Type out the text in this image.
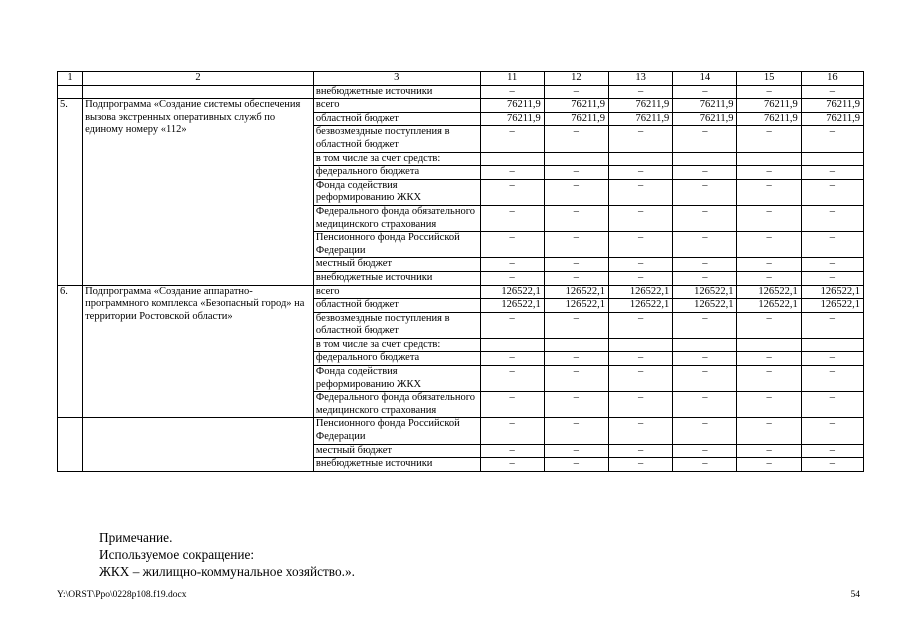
1	2	3	11	12	13	14	15	16
		внебюджетные источники	–	–	–	–	–	–
5.	Подпрограмма «Создание системы обеспечения вызова экстренных оперативных служб по единому номеру «112»	всего	76211,9	76211,9	76211,9	76211,9	76211,9	76211,9
		областной бюджет	76211,9	76211,9	76211,9	76211,9	76211,9	76211,9
		безвозмездные поступления в областной бюджет	–	–	–	–	–	–
		в том числе за счет средств:						
		федерального бюджета	–	–	–	–	–	–
		Фонда содействия реформированию ЖКХ	–	–	–	–	–	–
		Федерального фонда обязательного медицинского страхования	–	–	–	–	–	–
		Пенсионного фонда Российской Федерации	–	–	–	–	–	–
		местный бюджет	–	–	–	–	–	–
		внебюджетные источники	–	–	–	–	–	–
6.	Подпрограмма «Создание аппаратно-программного комплекса «Безопасный город» на территории Ростовской области»	всего	126522,1	126522,1	126522,1	126522,1	126522,1	126522,1
		областной бюджет	126522,1	126522,1	126522,1	126522,1	126522,1	126522,1
		безвозмездные поступления в областной бюджет	–	–	–	–	–	–
		в том числе за счет средств:						
		федерального бюджета	–	–	–	–	–	–
		Фонда содействия реформированию ЖКХ	–	–	–	–	–	–
		Федерального фонда обязательного медицинского страхования	–	–	–	–	–	–
		Пенсионного фонда Российской Федерации	–	–	–	–	–	–
		местный бюджет	–	–	–	–	–	–
		внебюджетные источники	–	–	–	–	–	–
Примечание.
Используемое сокращение:
ЖКХ – жилищно-коммунальное хозяйство.».
Y:\ORST\Ppo\0228p108.f19.docx	54
